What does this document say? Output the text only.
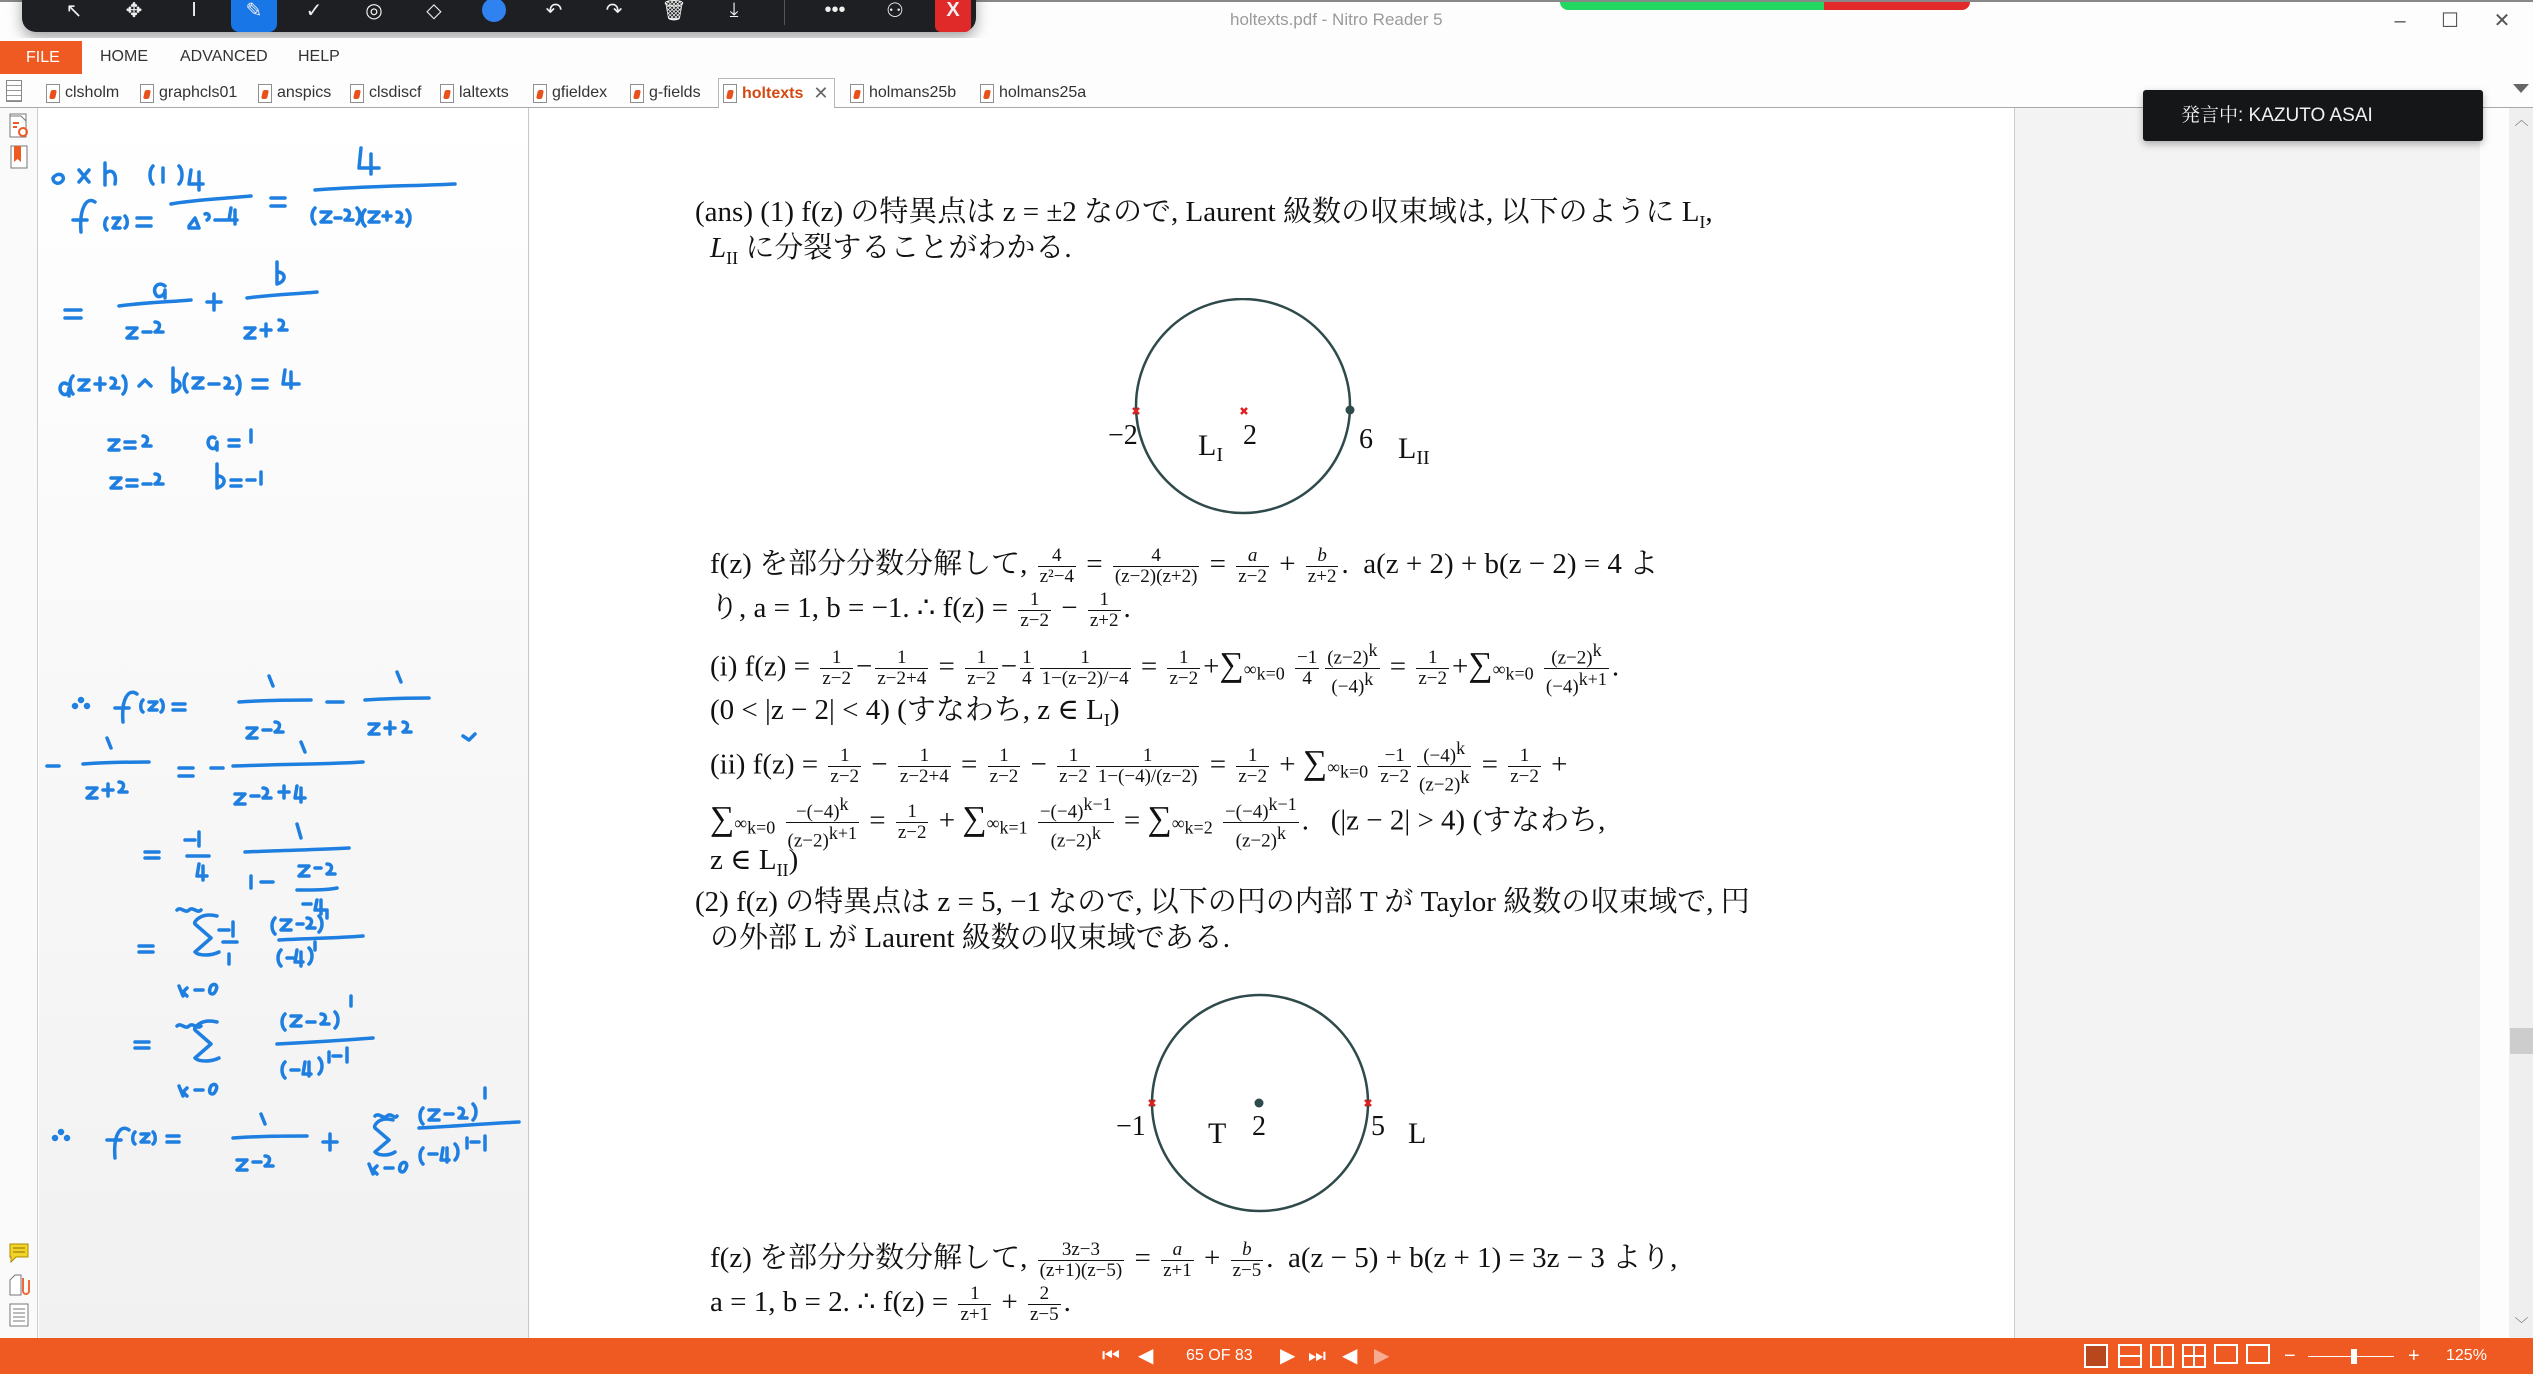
holtexts.pdf - Nitro Reader 5	–	☐	✕
↖	✥	I	✎	✓	◎	◇	↶	↷	🗑	⤓	•••	⚇	X
FILE	HOME ADVANCED HELP
clsholm graphcls01 anspics clsdiscf laltexts	gfieldex	g-fields	holtexts ✕	holmans25b	holmans25a
(ans) (1) f(z) の特異点は z = ±2 なので, Laurent 級数の収束域は, 以下のように $L_I$,
$L_{II}$ に分裂することがわかる.
−2	2	6
$L_I$	$L_{II}$
f(z) を部分分数分解して, $\frac{4}{\text{z²−4}} = \frac{4}{(z-2)(z+2)} = \frac{a}{z-2} + \frac{b}{z+2}$ .  a(z + 2) + b(z − 2) = 4 よ
り, a = 1, b = −1. ∴ $f(z) = \frac{1}{z-2} - \frac{1}{z+2}$ .
(i) $f(z) = \frac{1}{z-2} - \frac{1}{z-2+4} = \frac{1}{z-2} - \frac{1}{4} \frac{1}{1-(z-2)/-4} = \frac{1}{z-2} +\sum\infty_{k=0} \frac{-1}{4} \frac{(z-2)^k}{(-4)^k} = \frac{1}{z-2} +\sum\infty_{k=0} \frac{(z-2)^k}{(-4)^{k+1}}$ .
(0 < |z − 2| < 4) (すなわち, z ∈ $L_I$)
(ii) $f(z) = \frac{1}{z-2} - \frac{1}{z-2+4} = \frac{1}{z-2} - \frac{1}{z-2} \frac{1}{1-(-4)/(z-2)} = \frac{1}{z-2} + \sum\infty_{k=0} \frac{-1}{z-2} \frac{(-4)^k}{(z-2)^k} = \frac{1}{z-2}$ +
$\sum\infty_{k=0} \frac{-(-4)^k}{(z-2)^{k+1}} = \frac{1}{z-2} + \sum\infty_{k=1} \frac{-(-4)^{k-1}}{(z-2)^k} = \sum\infty_{k=2} \frac{-(-4)^{k-1}}{(z-2)^k}$ .   (|z − 2| > 4) (すなわち,
z ∈ $L_{II}$)
(2) f(z) の特異点は z = 5, −1 なので, 以下の円の内部 T が Taylor 級数の収束域で, 円
の外部 L が Laurent 級数の収束域である.
−1	2	5
T	L
f(z) を部分分数分解して, $\frac{3z-3}{(z+1)(z-5)} = \frac{a}{z+1} + \frac{b}{z-5}$ .  a(z − 5) + b(z + 1) = 3z − 3 より,
a = 1, b = 2. ∴ $f(z) = \frac{1}{z+1} + \frac{2}{z-5}$ .
︿
﹀
発言中: KAZUTO ASAI
⏮ ◀ 65 OF 83 ▶ ⏭ ◀︎ ▶︎	−	+ 125%
